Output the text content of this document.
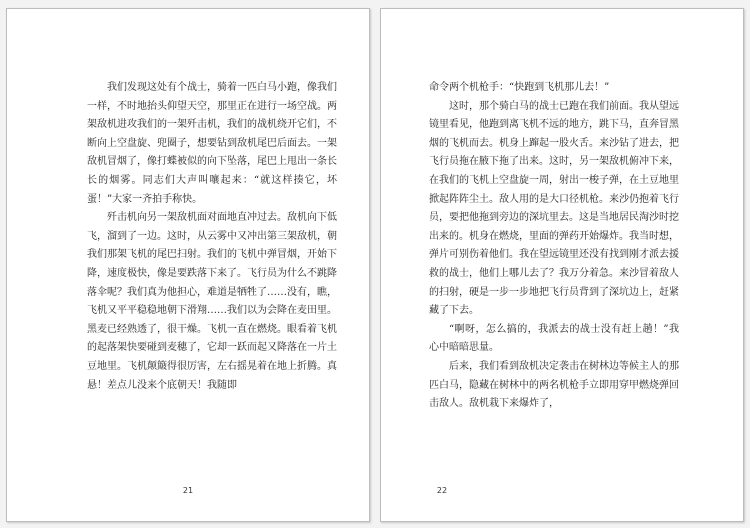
我们发现这处有个战士，骑着一匹白马小跑，像我们一样，不时地抬头仰望天空，那里正在进行一场空战。两架敌机进攻我们的一架歼击机，我们的战机绕开它们，不断向上空盘旋、兜圈子，想要钻到敌机尾巴后面去。一架敌机冒烟了，像打蝶被似的向下坠落，尾巴上甩出一条长长的烟雾。同志们大声叫嚷起来：“就这样揍它，坏蛋！”大家一齐拍手称快。

歼击机向另一架敌机面对面地直冲过去。敌机向下低飞，溜到了一边。这时，从云雾中又冲出第三架敌机，朝我们那架飞机的尾巴扫射。我们的飞机中弹冒烟，开始下降，速度极快，像是要跌落下来了。飞行员为什么不跳降落伞呢？我们真为他担心，难道是牺牲了……没有，瞧，飞机又平平稳稳地朝下滑翔……我们以为会降在麦田里。黑麦已经熟透了，很干燥。飞机一直在燃烧。眼看着飞机的起落架快要碰到麦穗了，它却一跃而起又降落在一片土豆地里。飞机颠簸得很厉害，左右摇晃着在地上折腾。真悬！差点儿没来个底朝天！我随即

21

命令两个机枪手：“快跑到飞机那儿去！”

这时，那个骑白马的战士已跑在我们前面。我从望远镜里看见，他跑到离飞机不远的地方，跳下马，直奔冒黑烟的飞机而去。机身上蹿起一股火舌。来沙钻了进去，把飞行员拖在腋下拖了出来。这时，另一架敌机俯冲下来，在我们的飞机上空盘旋一周，射出一梭子弹，在土豆地里掀起阵阵尘土。敌人用的是大口径机枪。来沙仍抱着飞行员，要把他拖到旁边的深坑里去。这是当地居民淘沙时挖出来的。机身在燃烧，里面的弹药开始爆炸。我当时想，弹片可别伤着他们。我在望远镜里还没有找到刚才派去援救的战士，他们上哪儿去了？我万分着急。来沙冒着敌人的扫射，硬是一步一步地把飞行员背到了深坑边上，赶紧藏了下去。

“啊呀，怎么搞的，我派去的战士没有赶上趟！”我心中暗暗思量。

后来，我们看到敌机决定袭击在树林边等候主人的那匹白马，隐藏在树林中的两名机枪手立即用穿甲燃烧弹回击敌人。敌机栽下来爆炸了，

22
